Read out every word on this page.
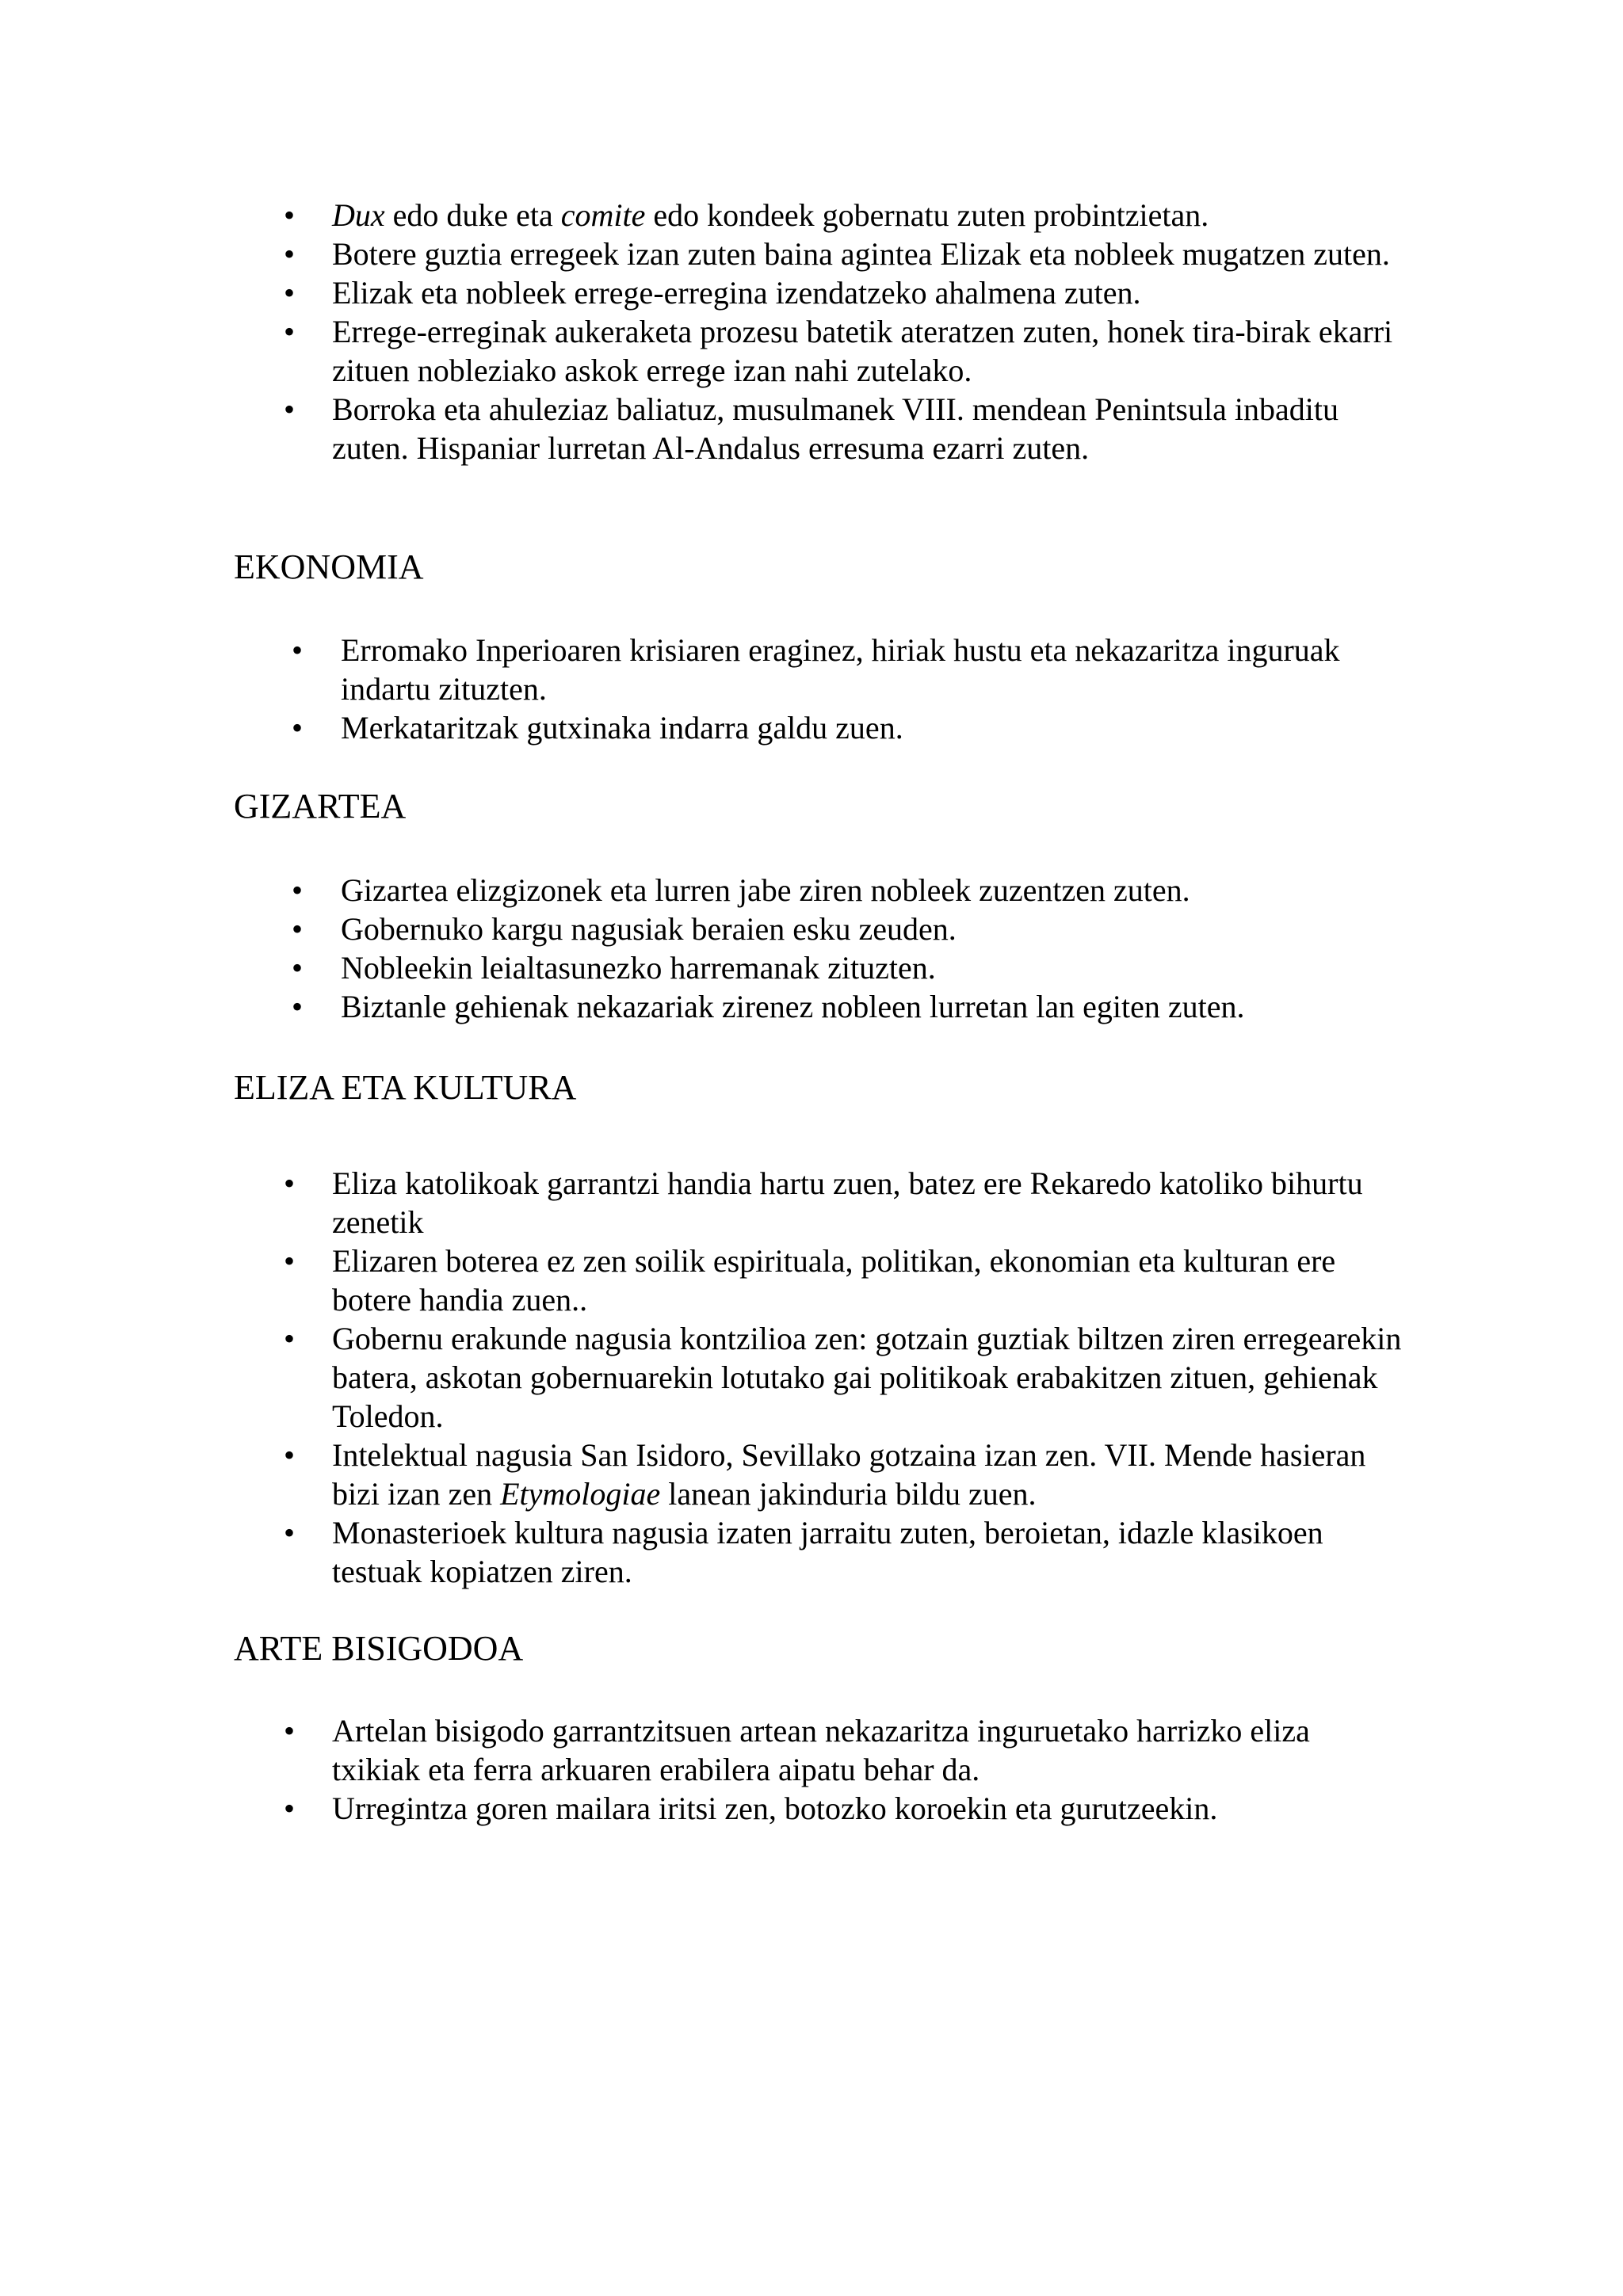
• Dux edo duke eta comite edo kondeek gobernatu zuten probintzietan.
• Botere guztia erregeek izan zuten baina agintea Elizak eta nobleek mugatzen zuten.
• Elizak eta nobleek errege-erregina izendatzeko ahalmena zuten.
• Errege-erreginak aukeraketa prozesu batetik ateratzen zuten, honek tira-birak ekarri zituen nobleziako askok errege izan nahi zutelako.
• Borroka eta ahuleziaz baliatuz, musulmanek VIII. mendean Penintsula inbaditu zuten. Hispaniar lurretan Al-Andalus erresuma ezarri zuten.
EKONOMIA
• Erromako Inperioaren krisiaren eraginez, hiriak hustu eta nekazaritza inguruak indartu zituzten.
• Merkataritzak gutxinaka indarra galdu zuen.
GIZARTEA
• Gizartea elizgizonek eta lurren jabe ziren nobleek zuzentzen zuten.
• Gobernuko kargu nagusiak beraien esku zeuden.
• Nobleekin leialtasunezko harremanak zituzten.
• Biztanle gehienak nekazariak zirenez nobleen lurretan lan egiten zuten.
ELIZA ETA KULTURA
• Eliza katolikoak garrantzi handia hartu zuen, batez ere Rekaredo katoliko bihurtu zenetik
• Elizaren boterea ez zen soilik espirituala, politikan, ekonomian eta kulturan ere botere handia zuen..
• Gobernu erakunde nagusia kontzilioa zen: gotzain guztiak biltzen ziren erregearekin batera, askotan gobernuarekin lotutako gai politikoak erabakitzen zituen, gehienak Toledon.
• Intelektual nagusia San Isidoro, Sevillako gotzaina izan zen. VII. Mende hasieran bizi izan zen Etymologiae lanean jakinduria bildu zuen.
• Monasterioek kultura nagusia izaten jarraitu zuten, beroietan, idazle klasikoen testuak kopiatzen ziren.
ARTE BISIGODOA
• Artelan bisigodo garrantzitsuen artean nekazaritza inguruetako harrizko eliza txikiak eta ferra arkuaren erabilera aipatu behar da.
• Urregintza goren mailara iritsi zen, botozko koroekin eta gurutzeekin.
